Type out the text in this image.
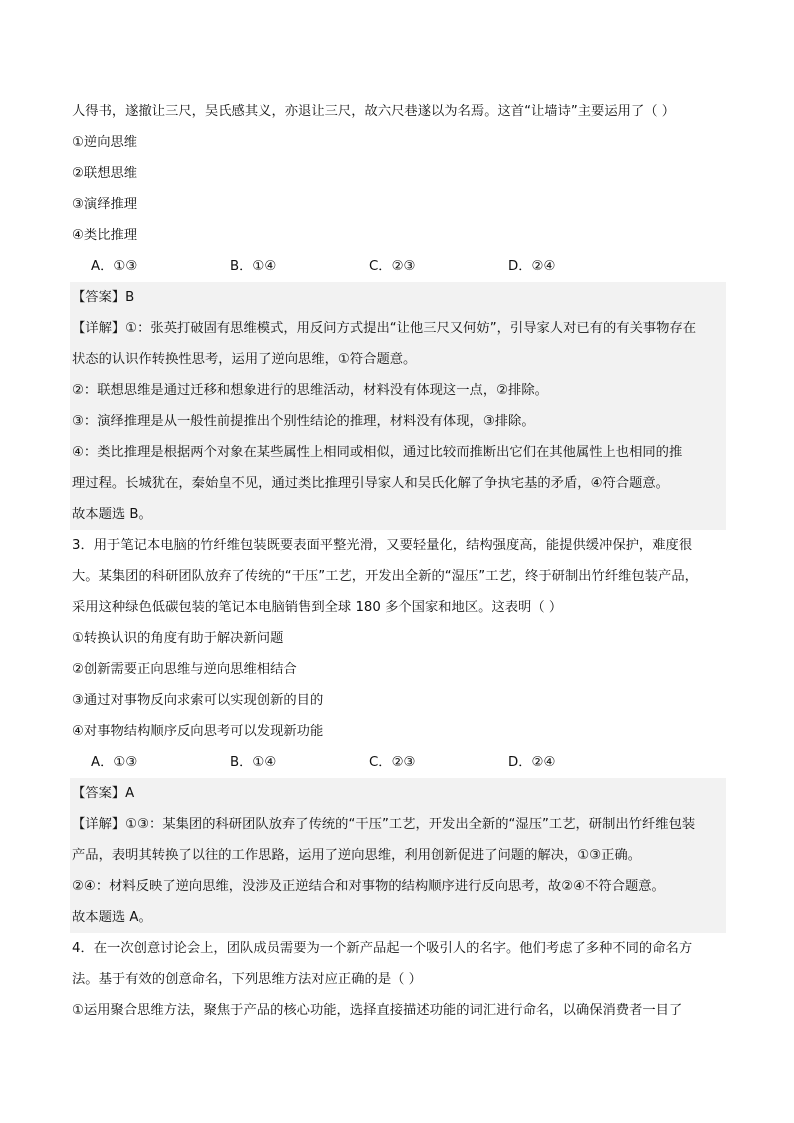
人得书，遂撤让三尺，吴氏感其义，亦退让三尺，故六尺巷遂以为名焉。这首“让墙诗”主要运用了（ ）
①逆向思维
②联想思维
③演绎推理
④类比推理
A．①③	B．①④	C．②③	D．②④
【答案】B
【详解】①：张英打破固有思维模式，用反问方式提出“让他三尺又何妨”，引导家人对已有的有关事物存在
状态的认识作转换性思考，运用了逆向思维，①符合题意。
②：联想思维是通过迁移和想象进行的思维活动，材料没有体现这一点，②排除。
③：演绎推理是从一般性前提推出个别性结论的推理，材料没有体现，③排除。
④：类比推理是根据两个对象在某些属性上相同或相似，通过比较而推断出它们在其他属性上也相同的推
理过程。长城犹在，秦始皇不见，通过类比推理引导家人和吴氏化解了争执宅基的矛盾，④符合题意。
故本题选 B。
3．用于笔记本电脑的竹纤维包装既要表面平整光滑，又要轻量化，结构强度高，能提供缓冲保护，难度很
大。某集团的科研团队放弃了传统的“干压”工艺，开发出全新的“湿压”工艺，终于研制出竹纤维包装产品，
采用这种绿色低碳包装的笔记本电脑销售到全球 180 多个国家和地区。这表明（ ）
①转换认识的角度有助于解决新问题
②创新需要正向思维与逆向思维相结合
③通过对事物反向求索可以实现创新的目的
④对事物结构顺序反向思考可以发现新功能
A．①③	B．①④	C．②③	D．②④
【答案】A
【详解】①③：某集团的科研团队放弃了传统的“干压”工艺，开发出全新的“湿压”工艺，研制出竹纤维包装
产品，表明其转换了以往的工作思路，运用了逆向思维，利用创新促进了问题的解决，①③正确。
②④：材料反映了逆向思维，没涉及正逆结合和对事物的结构顺序进行反向思考，故②④不符合题意。
故本题选 A。
4．在一次创意讨论会上，团队成员需要为一个新产品起一个吸引人的名字。他们考虑了多种不同的命名方
法。基于有效的创意命名，下列思维方法对应正确的是（ ）
①运用聚合思维方法，聚焦于产品的核心功能，选择直接描述功能的词汇进行命名，以确保消费者一目了
